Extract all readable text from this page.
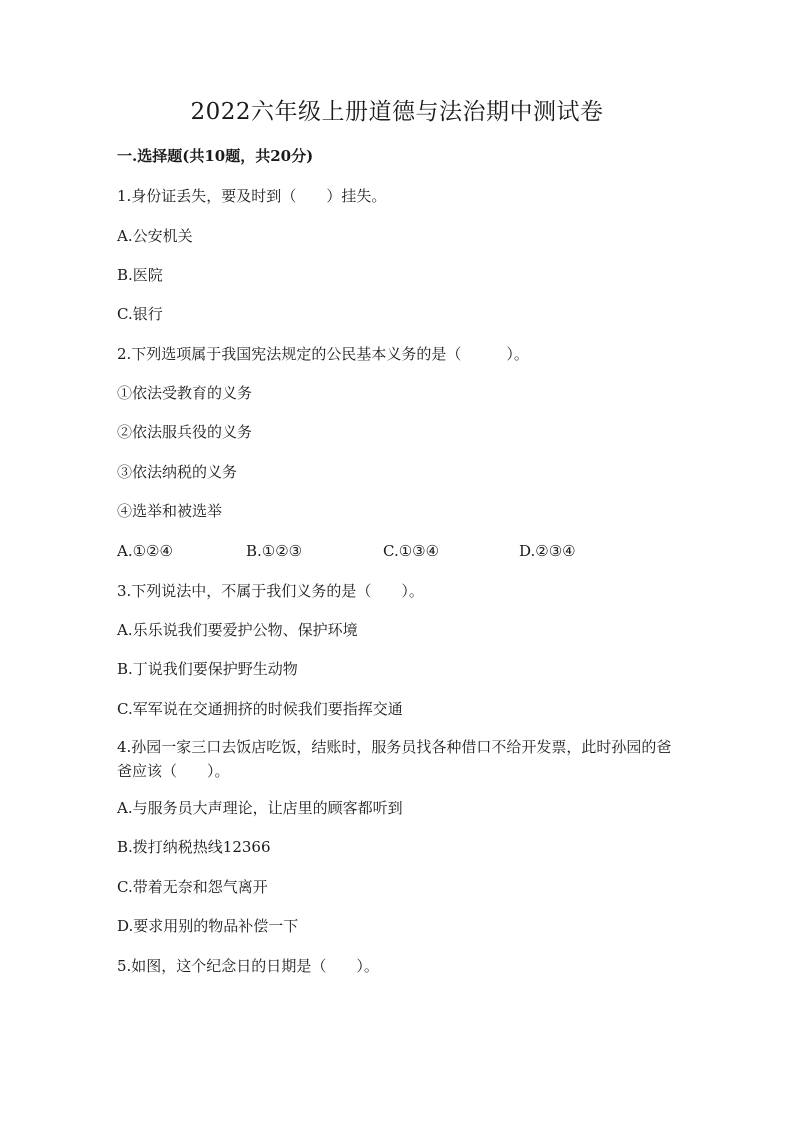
2022六年级上册道德与法治期中测试卷
一.选择题(共10题，共20分)
1.身份证丢失，要及时到（　　）挂失。
A.公安机关
B.医院
C.银行
2.下列选项属于我国宪法规定的公民基本义务的是（　　　）。
①依法受教育的义务
②依法服兵役的义务
③依法纳税的义务
④选举和被选举
A.①②④	B.①②③	C.①③④	D.②③④
3.下列说法中，不属于我们义务的是（　　）。
A.乐乐说我们要爱护公物、保护环境
B.丁说我们要保护野生动物
C.军军说在交通拥挤的时候我们要指挥交通
4.孙园一家三口去饭店吃饭，结账时，服务员找各种借口不给开发票，此时孙园的爸爸应该（　　）。
A.与服务员大声理论，让店里的顾客都听到
B.拨打纳税热线12366
C.带着无奈和怨气离开
D.要求用别的物品补偿一下
5.如图，这个纪念日的日期是（　　）。
